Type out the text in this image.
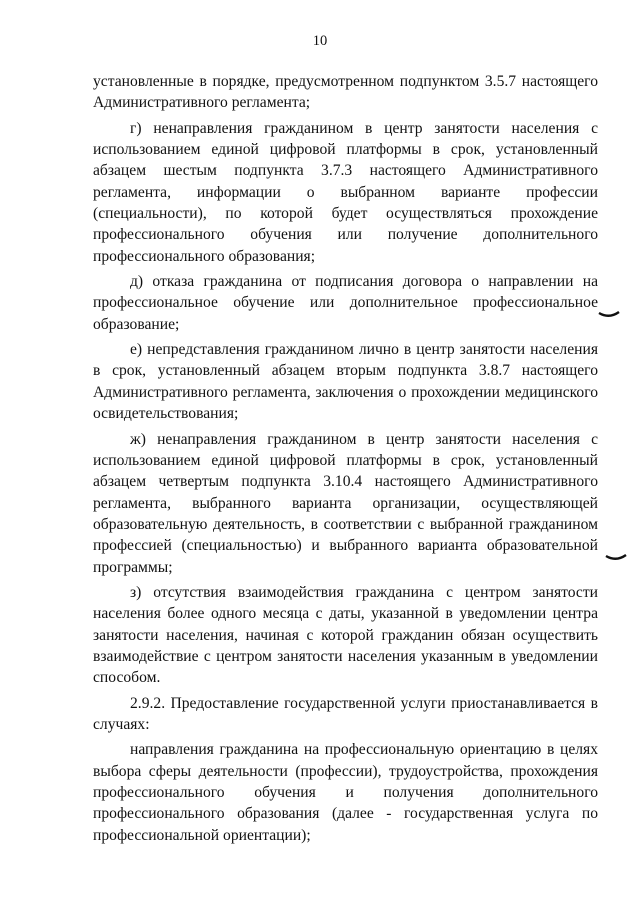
10

установленные в порядке, предусмотренном подпунктом 3.5.7 настоящего Административного регламента;

г) ненаправления гражданином в центр занятости населения с использованием единой цифровой платформы в срок, установленный абзацем шестым подпункта 3.7.3 настоящего Административного регламента, информации о выбранном варианте профессии (специальности), по которой будет осуществляться прохождение профессионального обучения или получение дополнительного профессионального образования;

д) отказа гражданина от подписания договора о направлении на профессиональное обучение или дополнительное профессиональное образование;

е) непредставления гражданином лично в центр занятости населения в срок, установленный абзацем вторым подпункта 3.8.7 настоящего Административного регламента, заключения о прохождении медицинского освидетельствования;

ж) ненаправления гражданином в центр занятости населения с использованием единой цифровой платформы в срок, установленный абзацем четвертым подпункта 3.10.4 настоящего Административного регламента, выбранного варианта организации, осуществляющей образовательную деятельность, в соответствии с выбранной гражданином профессией (специальностью) и выбранного варианта образовательной программы;

з) отсутствия взаимодействия гражданина с центром занятости населения более одного месяца с даты, указанной в уведомлении центра занятости населения, начиная с которой гражданин обязан осуществить взаимодействие с центром занятости населения указанным в уведомлении способом.

2.9.2. Предоставление государственной услуги приостанавливается в случаях:

направления гражданина на профессиональную ориентацию в целях выбора сферы деятельности (профессии), трудоустройства, прохождения профессионального обучения и получения дополнительного профессионального образования (далее - государственная услуга по профессиональной ориентации);
